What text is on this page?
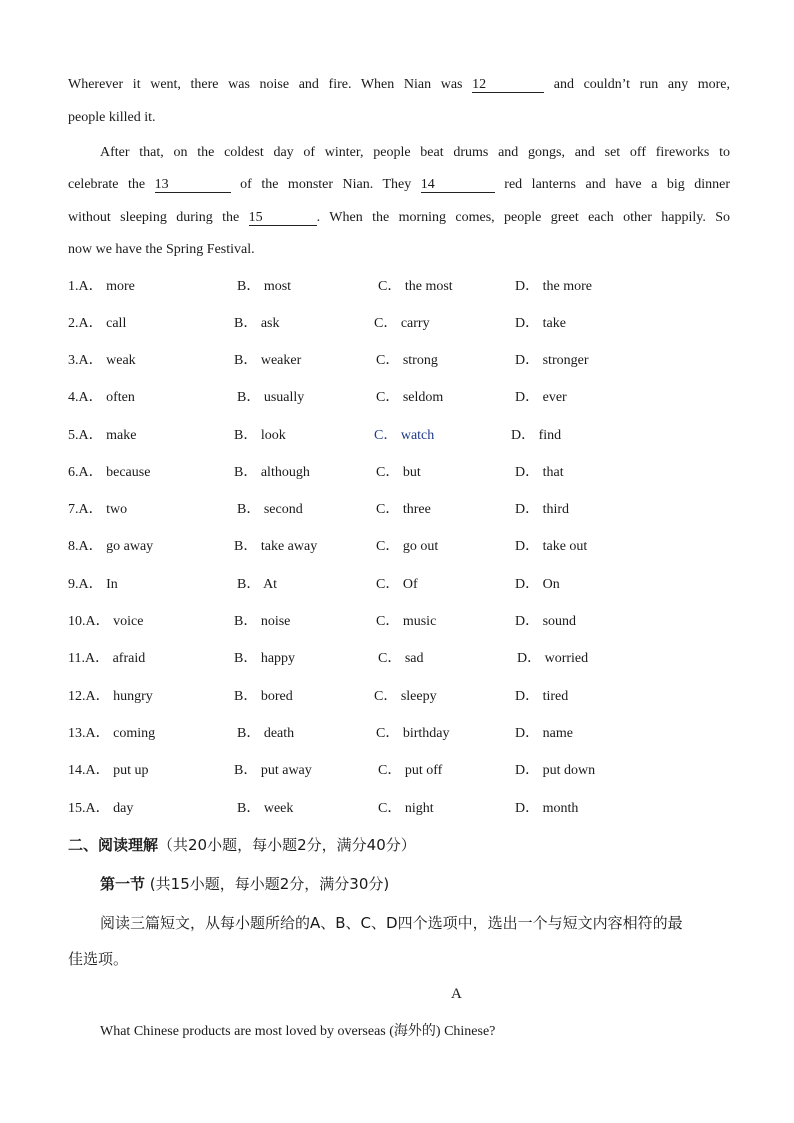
Wherever it went, there was noise and fire. When Nian was 12	and couldn’t run any more,
people killed it.
After that, on the coldest day of winter, people beat drums and gongs, and set off fireworks to
celebrate the 13	of the monster Nian. They 14	red lanterns and have a big dinner
without sleeping during the 15	. When the morning comes, people greet each other happily. So
now we have the Spring Festival.
1.A． more	B． most	C． the most	D． the more
2.A． call	B． ask	C． carry	D． take
3.A． weak	B． weaker	C． strong	D． stronger
4.A． often	B． usually	C． seldom	D． ever
5.A． make	B． look	C． watch	D． find
6.A． because	B． although	C． but	D． that
7.A． two	B． second	C． three	D． third
8.A． go away	B． take away	C． go out	D． take out
9.A． In	B． At	C． Of	D． On
10.A． voice	B． noise	C． music	D． sound
11.A． afraid	B． happy	C． sad	D． worried
12.A． hungry	B． bored	C． sleepy	D． tired
13.A． coming	B． death	C． birthday	D． name
14.A． put up	B． put away	C． put off	D． put down
15.A． day	B． week	C． night	D． month
二、阅读理解（共20小题，每小题2分，满分40分）
第一节 (共15小题，每小题2分，满分30分)
阅读三篇短文，从每小题所给的A、B、C、D四个选项中，选出一个与短文内容相符的最
佳选项。
A
What Chinese products are most loved by overseas (海外的) Chinese?
